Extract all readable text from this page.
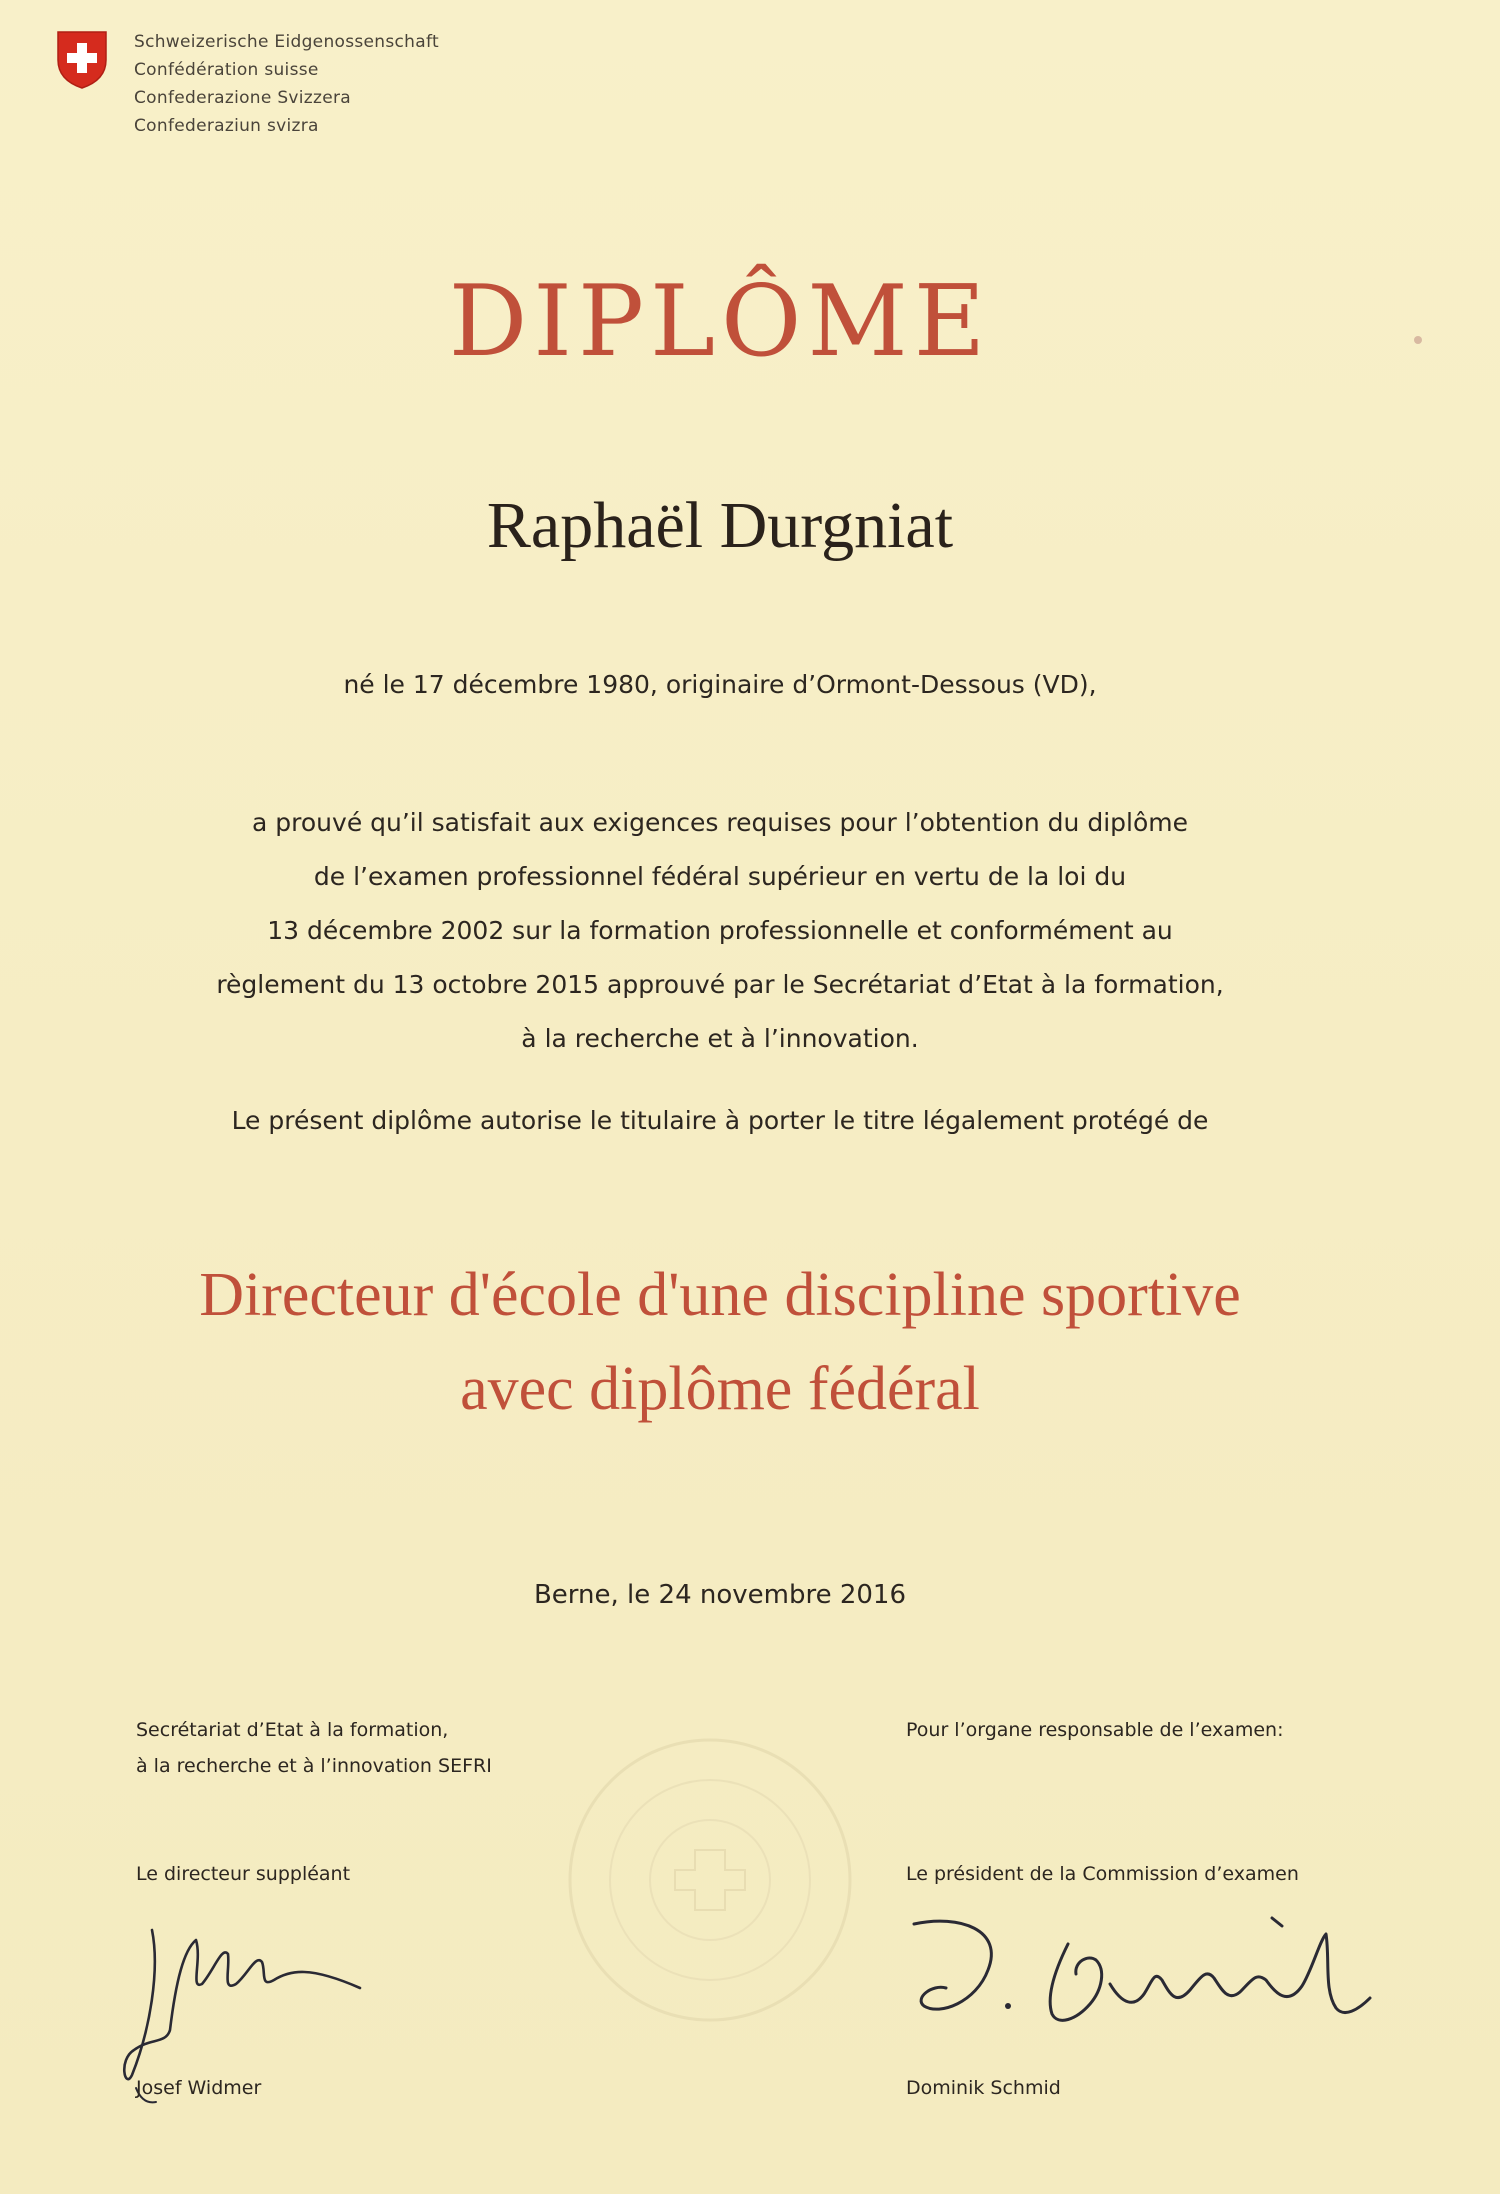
Schweizerische Eidgenossenschaft
Confédération suisse
Confederazione Svizzera
Confederaziun svizra
DIPLÔME
Raphaël Durgniat
né le 17 décembre 1980, originaire d’Ormont-Dessous (VD),
a prouvé qu’il satisfait aux exigences requises pour l’obtention du diplôme
de l’examen professionnel fédéral supérieur en vertu de la loi du
13 décembre 2002 sur la formation professionnelle et conformément au
règlement du 13 octobre 2015 approuvé par le Secrétariat d’Etat à la formation,
à la recherche et à l’innovation.
Le présent diplôme autorise le titulaire à porter le titre légalement protégé de
Directeur d'école d'une discipline sportive
avec diplôme fédéral
Berne, le 24 novembre 2016
Secrétariat d’Etat à la formation,
à la recherche et à l’innovation SEFRI
Le directeur suppléant
Josef Widmer
Pour l’organe responsable de l’examen:
Le président de la Commission d’examen
Dominik Schmid
